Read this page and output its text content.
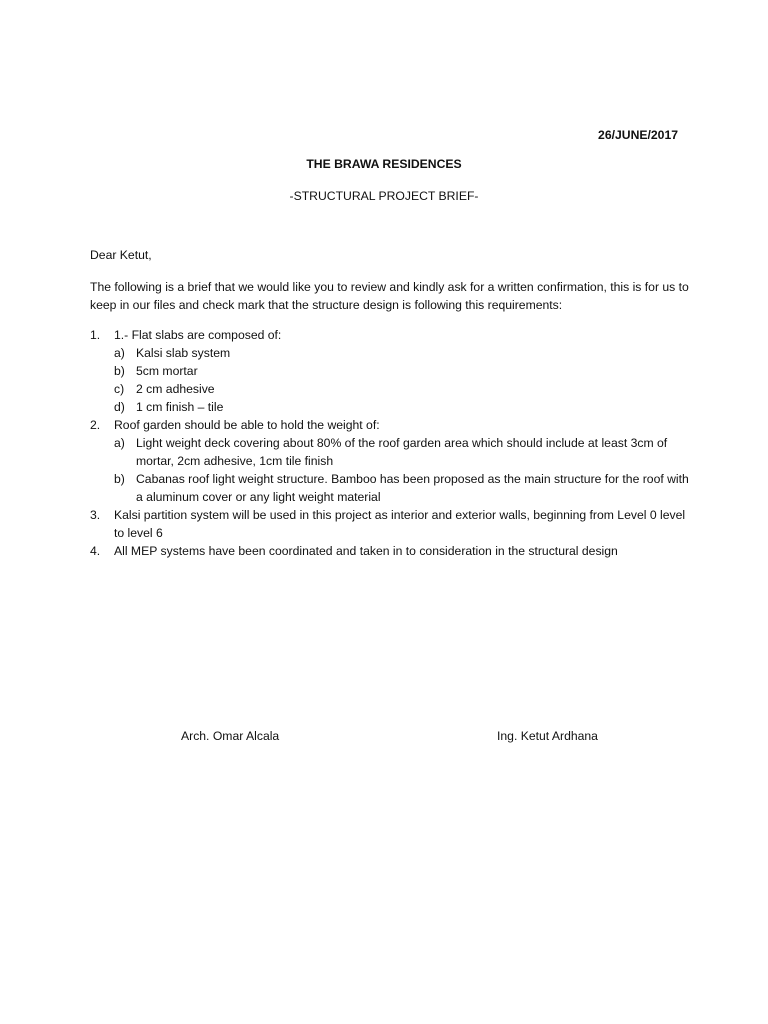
26/JUNE/2017
THE BRAWA RESIDENCES
-STRUCTURAL PROJECT BRIEF-
Dear Ketut,
The following is a brief that we would like you to review and kindly ask for a written confirmation, this is for us to keep in our files and check mark that the structure design is following this requirements:
1.	1.- Flat slabs are composed of:
a) Kalsi slab system
b) 5cm mortar
c) 2 cm adhesive
d) 1 cm finish – tile
2.	Roof garden should be able to hold the weight of:
a) Light weight deck covering about 80% of the roof garden area which should include at least 3cm of mortar, 2cm adhesive, 1cm tile finish
b) Cabanas roof light weight structure. Bamboo has been proposed as the main structure for the roof with a aluminum cover or any light weight material
3.	Kalsi partition system will be used in this project as interior and exterior walls, beginning from Level 0 level to level 6
4.	All MEP systems have been coordinated and taken in to consideration in the structural design
Arch. Omar Alcala	Ing. Ketut Ardhana
